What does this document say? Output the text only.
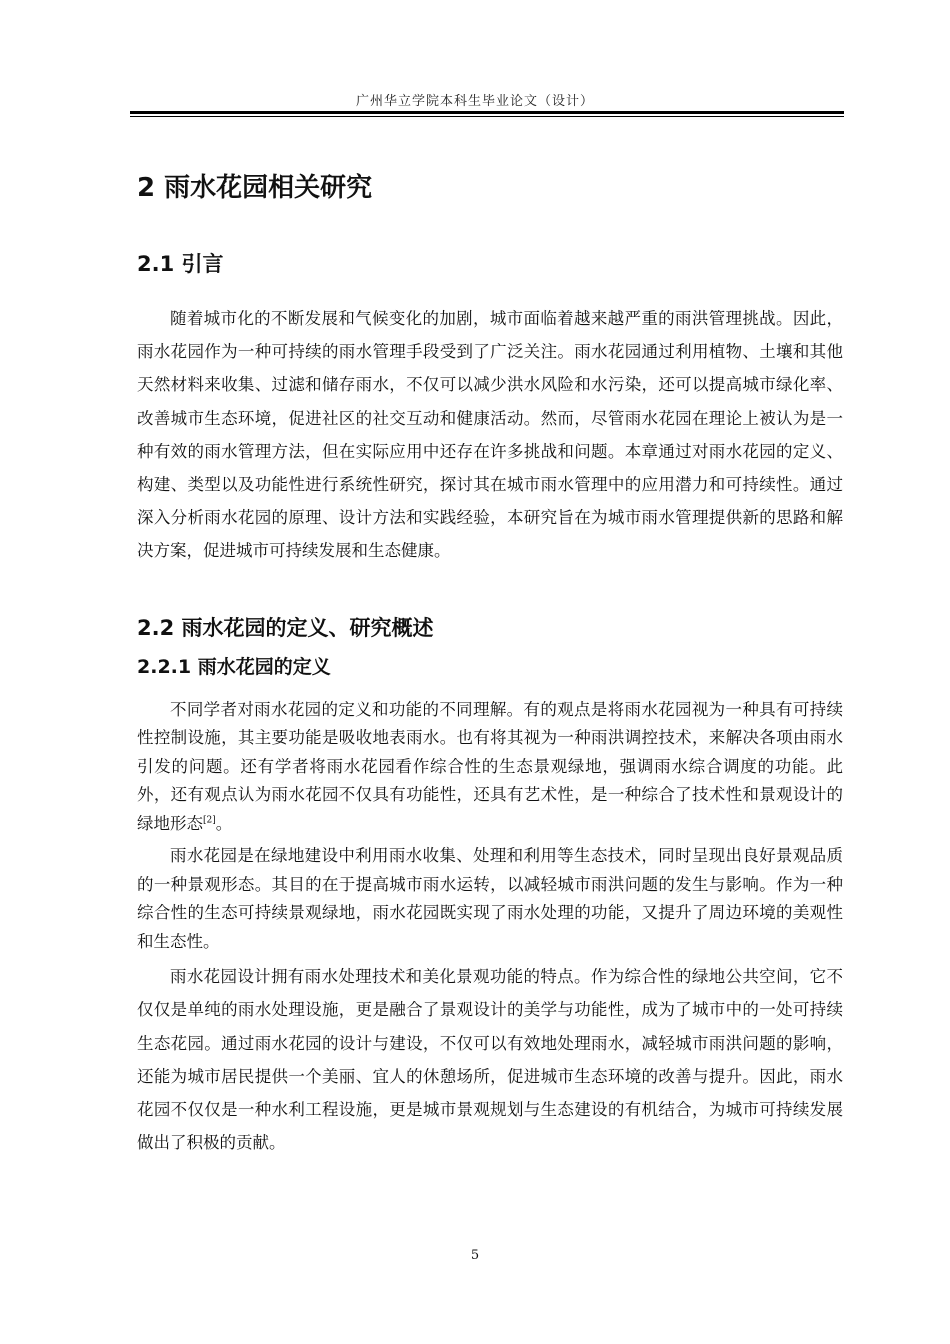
广州华立学院本科生毕业论文（设计）
2 雨水花园相关研究
2.1 引言

随着城市化的不断发展和气候变化的加剧，城市面临着越来越严重的雨洪管理挑战。因此，雨水花园作为一种可持续的雨水管理手段受到了广泛关注。雨水花园通过利用植物、土壤和其他天然材料来收集、过滤和储存雨水，不仅可以减少洪水风险和水污染，还可以提高城市绿化率、改善城市生态环境，促进社区的社交互动和健康活动。然而，尽管雨水花园在理论上被认为是一种有效的雨水管理方法，但在实际应用中还存在许多挑战和问题。本章通过对雨水花园的定义、构建、类型以及功能性进行系统性研究，探讨其在城市雨水管理中的应用潜力和可持续性。通过深入分析雨水花园的原理、设计方法和实践经验，本研究旨在为城市雨水管理提供新的思路和解决方案，促进城市可持续发展和生态健康。

2.2 雨水花园的定义、研究概述
2.2.1 雨水花园的定义

不同学者对雨水花园的定义和功能的不同理解。有的观点是将雨水花园视为一种具有可持续性控制设施，其主要功能是吸收地表雨水。也有将其视为一种雨洪调控技术，来解决各项由雨水引发的问题。还有学者将雨水花园看作综合性的生态景观绿地，强调雨水综合调度的功能。此外，还有观点认为雨水花园不仅具有功能性，还具有艺术性，是一种综合了技术性和景观设计的绿地形态[2]。

雨水花园是在绿地建设中利用雨水收集、处理和利用等生态技术，同时呈现出良好景观品质的一种景观形态。其目的在于提高城市雨水运转，以减轻城市雨洪问题的发生与影响。作为一种综合性的生态可持续景观绿地，雨水花园既实现了雨水处理的功能，又提升了周边环境的美观性和生态性。

雨水花园设计拥有雨水处理技术和美化景观功能的特点。作为综合性的绿地公共空间，它不仅仅是单纯的雨水处理设施，更是融合了景观设计的美学与功能性，成为了城市中的一处可持续生态花园。通过雨水花园的设计与建设，不仅可以有效地处理雨水，减轻城市雨洪问题的影响，还能为城市居民提供一个美丽、宜人的休憩场所，促进城市生态环境的改善与提升。因此，雨水花园不仅仅是一种水利工程设施，更是城市景观规划与生态建设的有机结合，为城市可持续发展做出了积极的贡献。

5
